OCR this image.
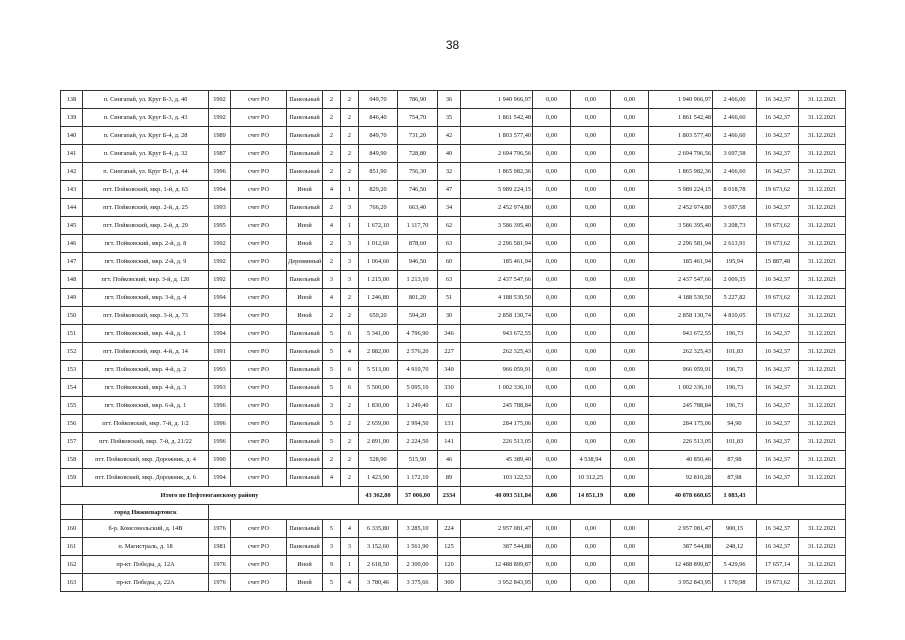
38
138	п. Сингапай, ул. Круг Б-3, д. 40	1992	счет РО	Панельный	2	2	949,70	786,90	36	1 940 966,97	0,00	0,00	0,00	1 940 966,97	2 466,00	16 342,37	31.12.2021
139	п. Сингапай, ул. Круг Б-3, д. 43	1992	счет РО	Панельный	2	2	846,40	754,70	35	1 861 542,48	0,00	0,00	0,00	1 861 542,48	2 466,60	16 342,37	31.12.2021
140	п. Сингапай, ул. Круг Б-4, д. 28	1989	счет РО	Панельный	2	2	849,70	731,20	42	1 803 577,40	0,00	0,00	0,00	1 803 577,40	2 466,60	16 342,37	31.12.2021
141	п. Сингапай, ул. Круг Б-4, д. 32	1987	счет РО	Панельный	2	2	849,90	728,80	40	2 694 796,56	0,00	0,00	0,00	2 694 796,56	3 697,58	16 342,37	31.12.2021
142	п. Сингапай, ул. Круг В-1, д. 44	1996	счет РО	Панельный	2	2	851,90	756,30	32	1 865 982,36	0,00	0,00	0,00	1 865 982,36	2 466,60	16 342,37	31.12.2021
143	пгт. Пойковский, мкр. 1-й, д. 63	1994	счет РО	Иной	4	1	829,20	746,50	47	5 989 224,15	0,00	0,00	0,00	5 989 224,15	8 018,78	19 673,62	31.12.2021
144	пгт. Пойковский, мкр. 2-й, д. 25	1993	счет РО	Панельный	2	3	766,20	663,40	34	2 452 974,80	0,00	0,00	0,00	2 452 974,80	3 697,58	16 342,37	31.12.2021
145	пгт. Пойковский, мкр. 2-й, д. 29	1995	счет РО	Иной	4	1	1 672,10	1 117,70	62	3 586 395,40	0,00	0,00	0,00	3 586 395,40	3 208,73	19 673,62	31.12.2021
146	пгт. Пойковский, мкр. 2-й, д. 8	1992	счет РО	Иной	2	3	1 012,60	878,60	63	2 296 581,94	0,00	0,00	0,00	2 296 581,94	2 613,91	19 673,62	31.12.2021
147	пгт. Пойковский, мкр. 2-й, д. 9	1992	счет РО	Деревянный	2	3	1 064,60	946,50	60	185 461,94	0,00	0,00	0,00	185 461,94	195,94	15 887,48	31.12.2021
148	пгт. Пойковский, мкр. 3-й, д. 120	1992	счет РО	Панельный	3	3	1 215,00	1 213,10	63	2 437 547,66	0,00	0,00	0,00	2 437 547,66	2 009,35	16 342,37	31.12.2021
149	пгт. Пойковский, мкр. 3-й, д. 4	1994	счет РО	Иной	4	2	1 246,80	801,20	51	4 188 530,50	0,00	0,00	0,00	4 188 530,50	5 227,82	19 673,62	31.12.2021
150	пгт. Пойковский, мкр. 3-й, д. 73	1994	счет РО	Иной	2	2	659,20	594,20	30	2 858 130,74	0,00	0,00	0,00	2 858 130,74	4 810,05	19 673,62	31.12.2021
151	пгт. Пойковский, мкр. 4-й, д. 1	1994	счет РО	Панельный	5	6	5 341,00	4 796,90	346	943 672,55	0,00	0,00	0,00	943 672,55	196,73	16 342,37	31.12.2021
152	пгт. Пойковский, мкр. 4-й, д. 14	1991	счет РО	Панельный	5	4	2 882,00	2 576,20	227	262 325,43	0,00	0,00	0,00	262 325,43	101,83	16 342,37	31.12.2021
153	пгт. Пойковский, мкр. 4-й, д. 2	1993	счет РО	Панельный	5	6	5 513,00	4 910,70	340	966 059,91	0,00	0,00	0,00	966 059,91	196,73	16 342,37	31.12.2021
154	пгт. Пойковский, мкр. 4-й, д. 3	1993	счет РО	Панельный	5	6	5 500,00	5 095,10	330	1 002 336,10	0,00	0,00	0,00	1 002 336,10	196,73	16 342,37	31.12.2021
155	пгт. Пойковский, мкр. 6-й, д. 1	1996	счет РО	Панельный	3	2	1 830,00	1 249,40	63	245 788,84	0,00	0,00	0,00	245 788,84	196,73	16 342,37	31.12.2021
156	пгт. Пойковский, мкр. 7-й, д. 1/2	1996	счет РО	Панельный	5	2	2 659,00	2 994,50	131	284 175,06	0,00	0,00	0,00	284 175,06	94,90	16 342,37	31.12.2021
157	пгт. Пойковский, мкр. 7-й, д. 21/22	1996	счет РО	Панельный	5	2	2 891,00	2 224,50	141	226 513,05	0,00	0,00	0,00	226 513,05	101,83	16 342,37	31.12.2021
158	пгт. Пойковский, мкр. Дорожник, д. 4	1990	счет РО	Панельный	2	2	528,90	515,90	46	45 389,40	0,00	4 538,94	0,00	40 850,46	87,98	16 342,37	31.12.2021
159	пгт. Пойковский, мкр. Дорожник, д. 6	1994	счет РО	Панельный	4	2	1 423,90	1 172,10	89	103 122,53	0,00	10 312,25	0,00	92 810,28	87,98	16 342,37	31.12.2021
Итого по Нефтеюганскому району							43 362,80	37 006,00	2334	40 093 511,84	0,00	14 851,19	0,00	40 078 660,65	1 083,43		
	город Нижневартовск																
160	б-р. Комсомольский, д. 14В	1976	счет РО	Панельный	5	4	6 335,80	3 285,10	224	2 957 081,47	0,00	0,00	0,00	2 957 081,47	900,15	16 342,37	31.12.2021
161	п. Магистраль, д. 18	1981	счет РО	Панельный	3	3	3 152,60	1 561,90	125	387 544,88	0,00	0,00	0,00	387 544,88	248,12	16 342,37	31.12.2021
162	пр-кт. Победы, д. 12А	1976	счет РО	Иной	9	1	2 618,50	2 300,00	120	12 488 899,87	0,00	0,00	0,00	12 488 899,87	5 429,96	17 657,14	31.12.2021
163	пр-кт. Победы, д. 22А	1976	счет РО	Иной	5	4	3 780,46	3 375,66	300	3 952 843,95	0,00	0,00	0,00	3 952 843,95	1 170,98	19 673,62	31.12.2021
